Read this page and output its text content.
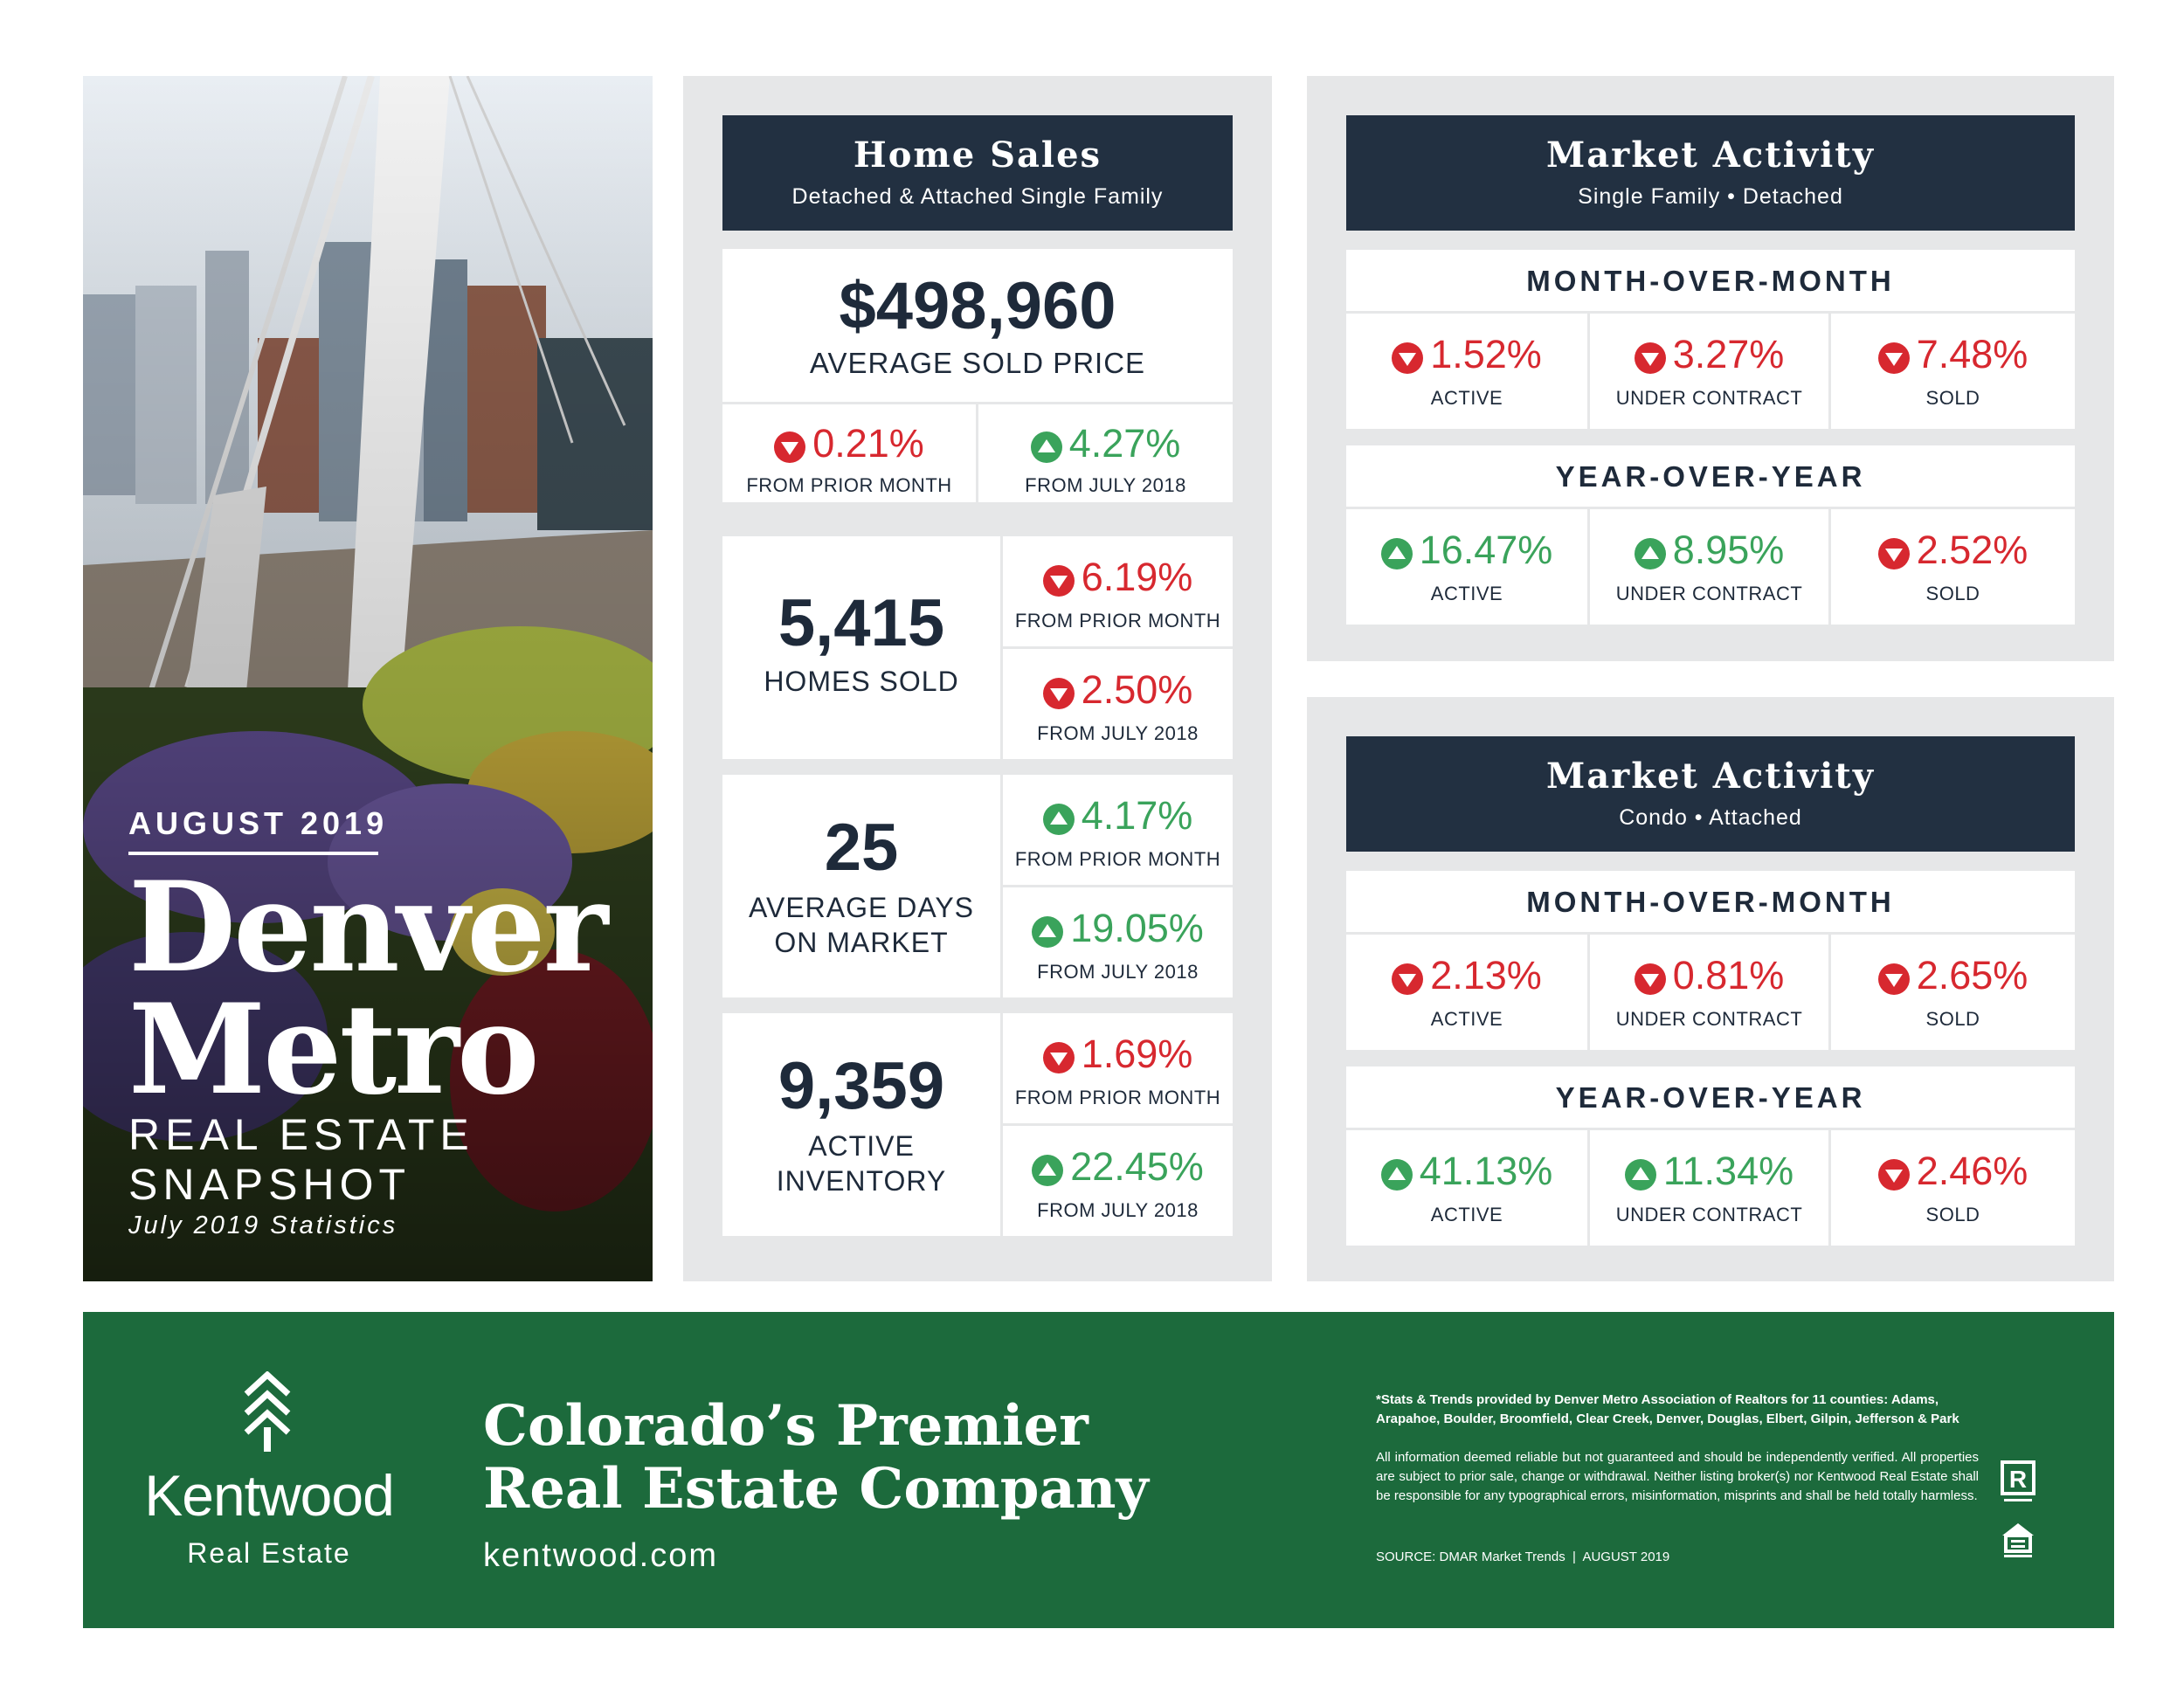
AUGUST 2019
Denver
Metro
REAL ESTATE
SNAPSHOT
July 2019 Statistics
Home Sales
Detached & Attached Single Family
$498,960
AVERAGE SOLD PRICE
0.21%
FROM PRIOR MONTH
4.27%
FROM JULY 2018
5,415
HOMES SOLD
6.19%
FROM PRIOR MONTH
2.50%
FROM JULY 2018
25
AVERAGE DAYS
ON MARKET
4.17%
FROM PRIOR MONTH
19.05%
FROM JULY 2018
9,359
ACTIVE
INVENTORY
1.69%
FROM PRIOR MONTH
22.45%
FROM JULY 2018
Market Activity
Single Family • Detached
MONTH-OVER-MONTH
1.52%
ACTIVE
3.27%
UNDER CONTRACT
7.48%
SOLD
YEAR-OVER-YEAR
16.47%
ACTIVE
8.95%
UNDER CONTRACT
2.52%
SOLD
Market Activity
Condo • Attached
MONTH-OVER-MONTH
2.13%
ACTIVE
0.81%
UNDER CONTRACT
2.65%
SOLD
YEAR-OVER-YEAR
41.13%
ACTIVE
11.34%
UNDER CONTRACT
2.46%
SOLD
Kentwood
Real Estate
Colorado’s Premier
Real Estate Company
kentwood.com
*Stats & Trends provided by Denver Metro Association of Realtors for 11 counties: Adams, Arapahoe, Boulder, Broomfield, Clear Creek, Denver, Douglas, Elbert, Gilpin, Jefferson & Park
All information deemed reliable but not guaranteed and should be independently verified. All properties are subject to prior sale, change or withdrawal. Neither listing broker(s) nor Kentwood Real Estate shall be responsible for any typographical errors, misinformation, misprints and shall be held totally harmless.
SOURCE: DMAR Market Trends  |  AUGUST 2019
R
